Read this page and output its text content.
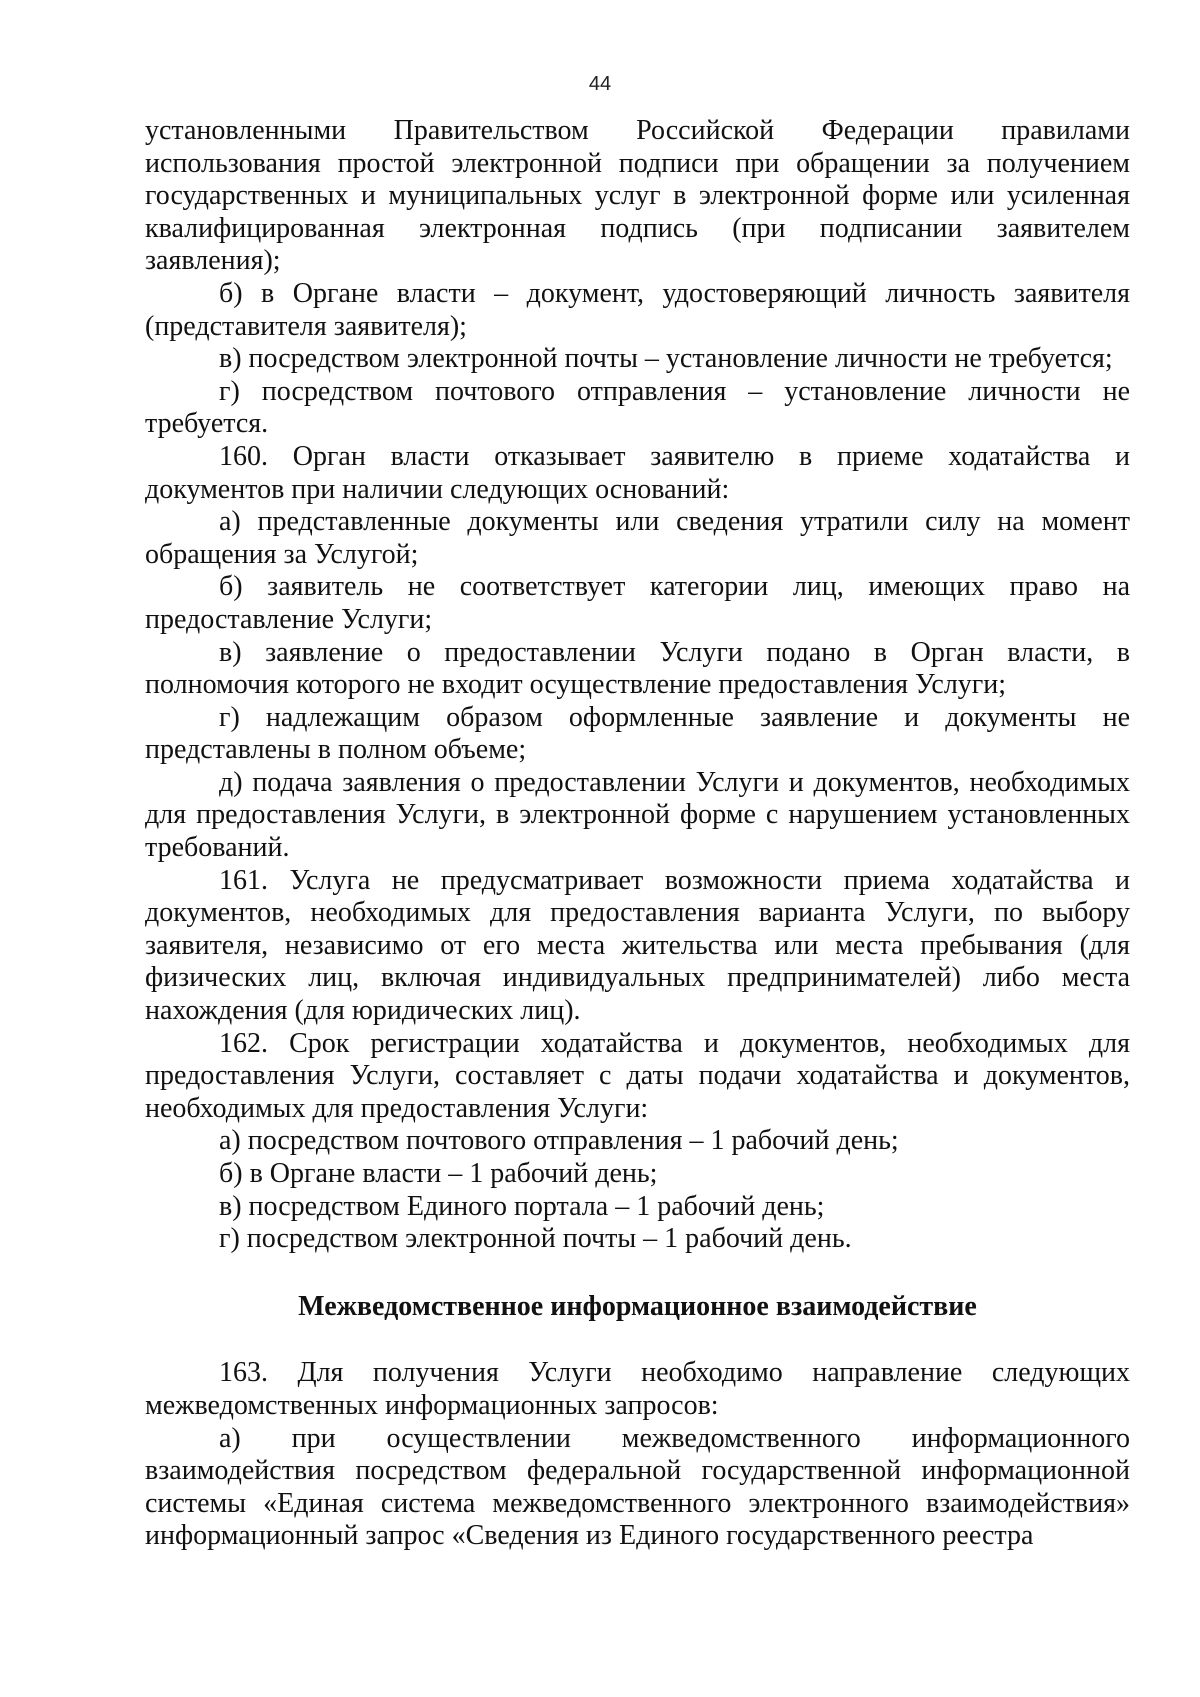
44

установленными Правительством Российской Федерации правилами использования простой электронной подписи при обращении за получением государственных и муниципальных услуг в электронной форме или усиленная квалифицированная электронная подпись (при подписании заявителем заявления);

б) в Органе власти – документ, удостоверяющий личность заявителя (представителя заявителя);

в) посредством электронной почты – установление личности не требуется;

г) посредством почтового отправления – установление личности не требуется.

160. Орган власти отказывает заявителю в приеме ходатайства и документов при наличии следующих оснований:

а) представленные документы или сведения утратили силу на момент обращения за Услугой;

б) заявитель не соответствует категории лиц, имеющих право на предоставление Услуги;

в) заявление о предоставлении Услуги подано в Орган власти, в полномочия которого не входит осуществление предоставления Услуги;

г) надлежащим образом оформленные заявление и документы не представлены в полном объеме;

д) подача заявления о предоставлении Услуги и документов, необходимых для предоставления Услуги, в электронной форме с нарушением установленных требований.

161. Услуга не предусматривает возможности приема ходатайства и документов, необходимых для предоставления варианта Услуги, по выбору заявителя, независимо от его места жительства или места пребывания (для физических лиц, включая индивидуальных предпринимателей) либо места нахождения (для юридических лиц).

162. Срок регистрации ходатайства и документов, необходимых для предоставления Услуги, составляет с даты подачи ходатайства и документов, необходимых для предоставления Услуги:

а) посредством почтового отправления – 1 рабочий день;

б) в Органе власти – 1 рабочий день;

в) посредством Единого портала – 1 рабочий день;

г) посредством электронной почты – 1 рабочий день.

Межведомственное информационное взаимодействие

163. Для получения Услуги необходимо направление следующих межведомственных информационных запросов:

а) при осуществлении межведомственного информационного взаимодействия посредством федеральной государственной информационной системы «Единая система межведомственного электронного взаимодействия» информационный запрос «Сведения из Единого государственного реестра
